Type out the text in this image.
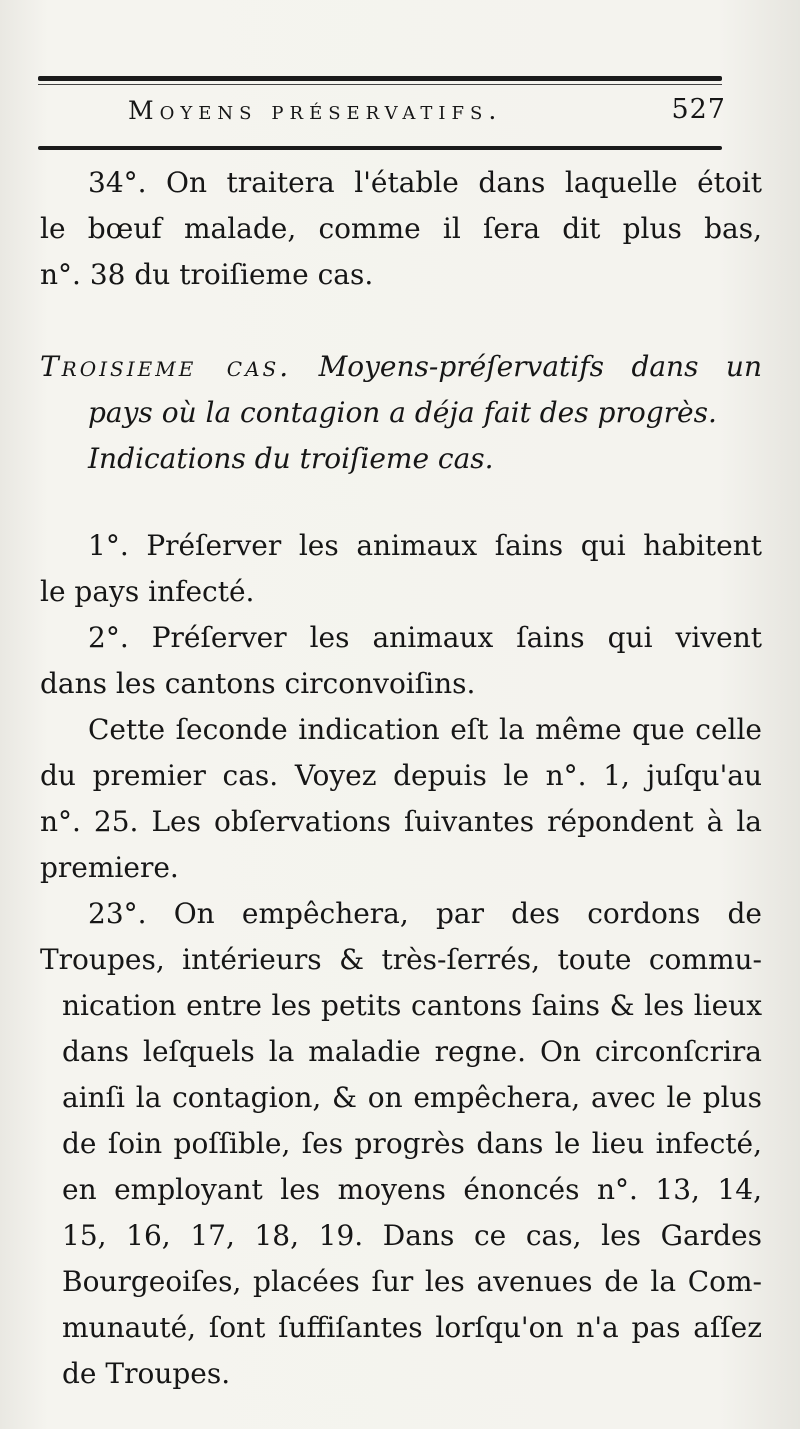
Moyens préservatifs.	527
34°. On traitera l'étable dans laquelle étoit
le bœuf malade, comme il ſera dit plus bas,
n°. 38 du troiſieme cas.
Troisieme cas. Moyens-préſervatifs dans un
pays où la contagion a déja fait des progrès.
Indications du troiſieme cas.
1°. Préſerver les animaux ſains qui habitent
le pays infecté.
2°. Préſerver les animaux ſains qui vivent
dans les cantons circonvoiſins.
Cette ſeconde indication eſt la même que celle
du premier cas. Voyez depuis le n°. 1, juſqu'au
n°. 25. Les obſervations ſuivantes répondent à la
premiere.
23°. On empêchera, par des cordons de
Troupes, intérieurs & très-ſerrés, toute commu-
nication entre les petits cantons ſains & les lieux
dans leſquels la maladie regne. On circonſcrira
ainſi la contagion, & on empêchera, avec le plus
de ſoin poſſible, ſes progrès dans le lieu infecté,
en employant les moyens énoncés n°. 13, 14,
15, 16, 17, 18, 19. Dans ce cas, les Gardes
Bourgeoiſes, placées ſur les avenues de la Com-
munauté, ſont ſuffiſantes lorſqu'on n'a pas aſſez
de Troupes.
